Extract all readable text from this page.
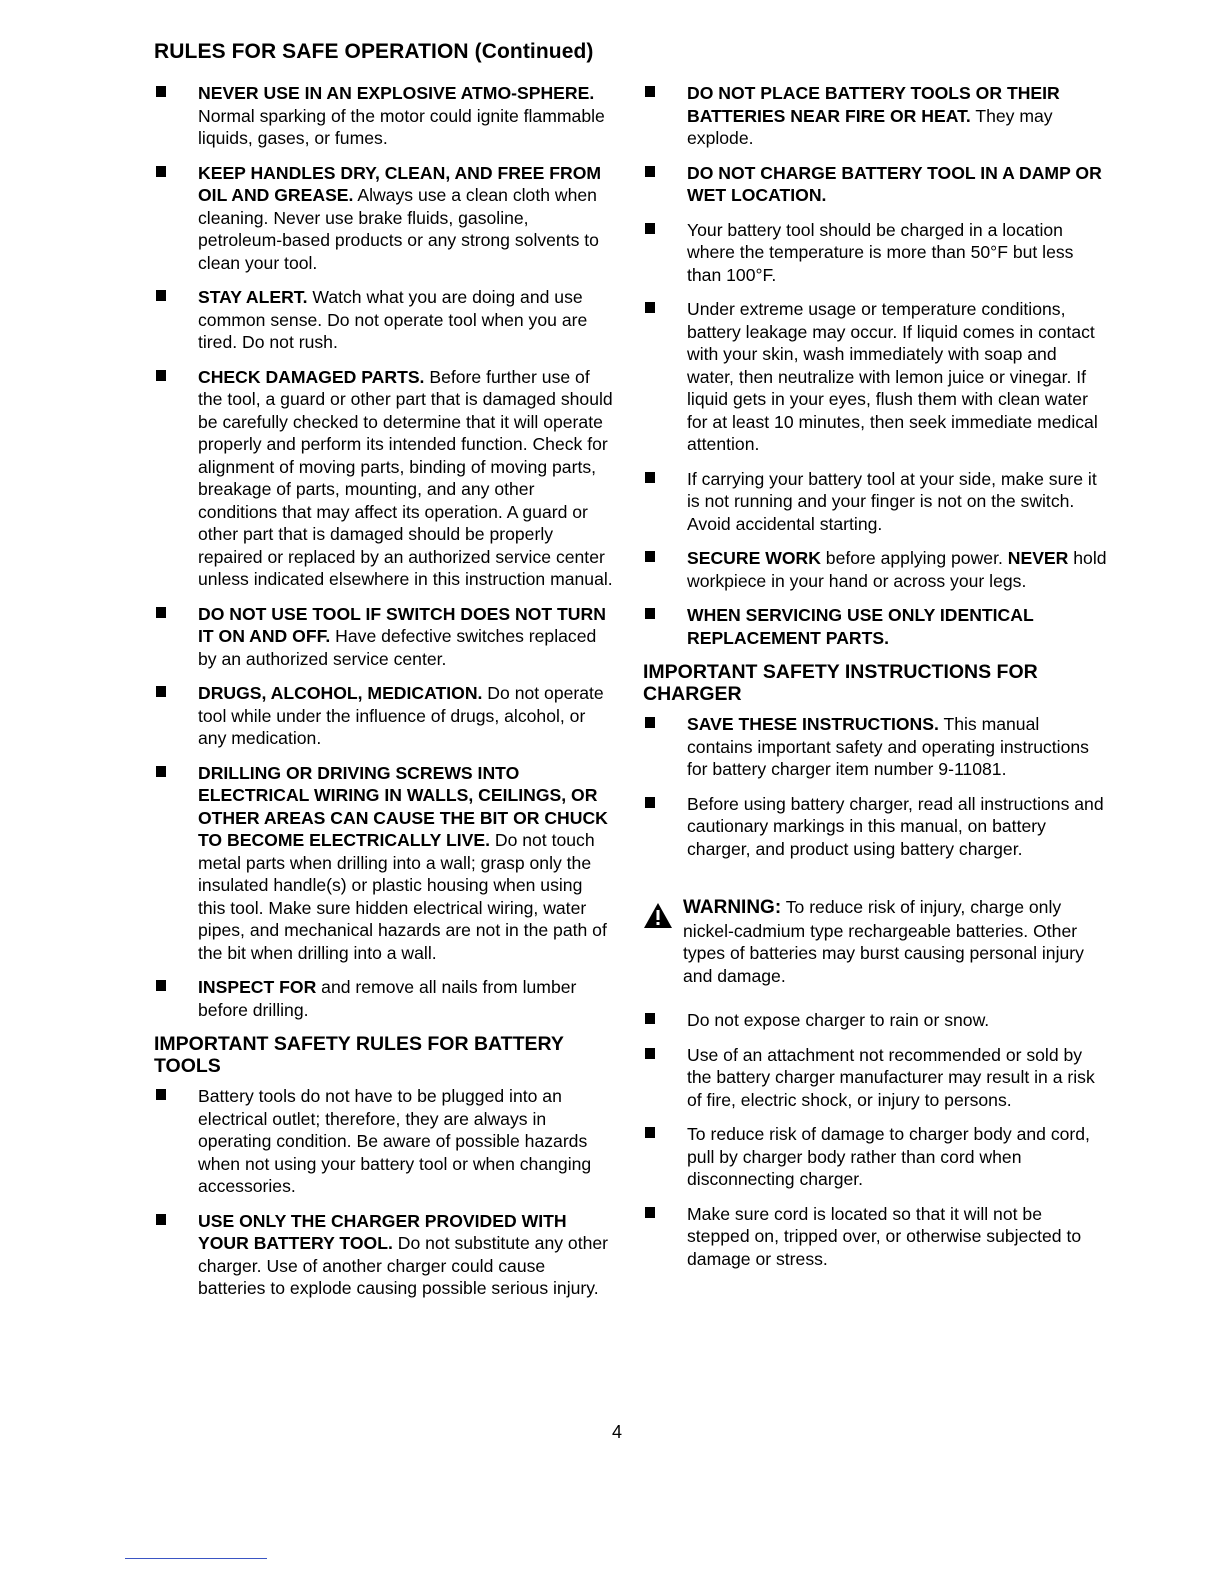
RULES FOR SAFE OPERATION (Continued)
NEVER USE IN AN EXPLOSIVE ATMO-SPHERE. Normal sparking of the motor could ignite flammable liquids, gases, or fumes.
KEEP HANDLES DRY, CLEAN, AND FREE FROM OIL AND GREASE. Always use a clean cloth when cleaning. Never use brake fluids, gasoline, petroleum-based products or any strong solvents to clean your tool.
STAY ALERT. Watch what you are doing and use common sense. Do not operate tool when you are tired. Do not rush.
CHECK DAMAGED PARTS. Before further use of the tool, a guard or other part that is damaged should be carefully checked to determine that it will operate properly and perform its intended function. Check for alignment of moving parts, binding of moving parts, breakage of parts, mounting, and any other conditions that may affect its operation. A guard or other part that is damaged should be properly repaired or replaced by an authorized service center unless indicated elsewhere in this instruction manual.
DO NOT USE TOOL IF SWITCH DOES NOT TURN IT ON AND OFF. Have defective switches replaced by an authorized service center.
DRUGS, ALCOHOL, MEDICATION. Do not operate tool while under the influence of drugs, alcohol, or any medication.
DRILLING OR DRIVING SCREWS INTO ELECTRICAL WIRING IN WALLS, CEILINGS, OR OTHER AREAS CAN CAUSE THE BIT OR CHUCK TO BECOME ELECTRICALLY LIVE. Do not touch metal parts when drilling into a wall; grasp only the insulated handle(s) or plastic housing when using this tool. Make sure hidden electrical wiring, water pipes, and mechanical hazards are not in the path of the bit when drilling into a wall.
INSPECT FOR and remove all nails from lumber before drilling.
IMPORTANT SAFETY RULES FOR BATTERY TOOLS
Battery tools do not have to be plugged into an electrical outlet; therefore, they are always in operating condition. Be aware of possible hazards when not using your battery tool or when changing accessories.
USE ONLY THE CHARGER PROVIDED WITH YOUR BATTERY TOOL. Do not substitute any other charger. Use of another charger could cause batteries to explode causing possible serious injury.
DO NOT PLACE BATTERY TOOLS OR THEIR BATTERIES NEAR FIRE OR HEAT. They may explode.
DO NOT CHARGE BATTERY TOOL IN A DAMP OR WET LOCATION.
Your battery tool should be charged in a location where the temperature is more than 50°F but less than 100°F.
Under extreme usage or temperature conditions, battery leakage may occur. If liquid comes in contact with your skin, wash immediately with soap and water, then neutralize with lemon juice or vinegar. If liquid gets in your eyes, flush them with clean water for at least 10 minutes, then seek immediate medical attention.
If carrying your battery tool at your side, make sure it is not running and your finger is not on the switch. Avoid accidental starting.
SECURE WORK before applying power. NEVER hold workpiece in your hand or across your legs.
WHEN SERVICING USE ONLY IDENTICAL REPLACEMENT PARTS.
IMPORTANT SAFETY INSTRUCTIONS FOR CHARGER
SAVE THESE INSTRUCTIONS. This manual contains important safety and operating instructions for battery charger item number 9-11081.
Before using battery charger, read all instructions and cautionary markings in this manual, on battery charger, and product using battery charger.
WARNING: To reduce risk of injury, charge only nickel-cadmium type rechargeable batteries. Other types of batteries may burst causing personal injury and damage.
Do not expose charger to rain or snow.
Use of an attachment not recommended or sold by the battery charger manufacturer may result in a risk of fire, electric shock, or injury to persons.
To reduce risk of damage to charger body and cord, pull by charger body rather than cord when disconnecting charger.
Make sure cord is located so that it will not be stepped on, tripped over, or otherwise subjected to damage or stress.
4
